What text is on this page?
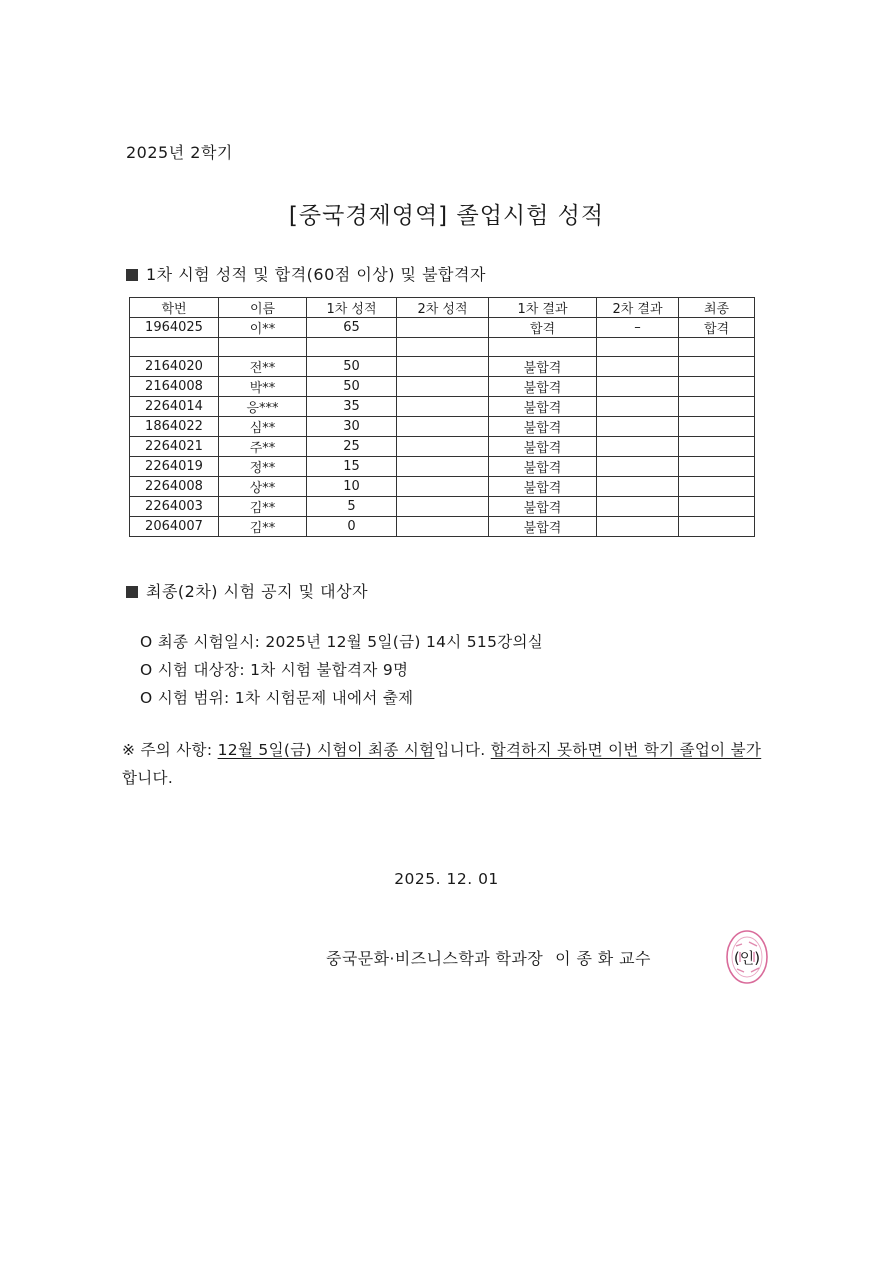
2025년 2학기
[중국경제영역] 졸업시험 성적
1차 시험 성적 및 합격(60점 이상) 및 불합격자
학번	이름	1차 성적	2차 성적	1차 결과	2차 결과	최종
1964025	이**	65		합격	–	합격

2164020	전**	50		불합격		
2164008	박**	50		불합격		
2264014	응***	35		불합격		
1864022	심**	30		불합격		
2264021	주**	25		불합격		
2264019	정**	15		불합격		
2264008	상**	10		불합격		
2264003	김**	5		불합격		
2064007	김**	0		불합격		
최종(2차) 시험 공지 및 대상자
O 최종 시험일시: 2025년 12월 5일(금) 14시 515강의실
O 시험 대상장: 1차 시험 불합격자 9명
O 시험 범위: 1차 시험문제 내에서 출제
※ 주의 사항: 12월 5일(금) 시험이 최종 시험입니다. 합격하지 못하면 이번 학기 졸업이 불가합니다.
2025. 12. 01
중국문화·비즈니스학과 학과장 이 종 화 교수	(인)
